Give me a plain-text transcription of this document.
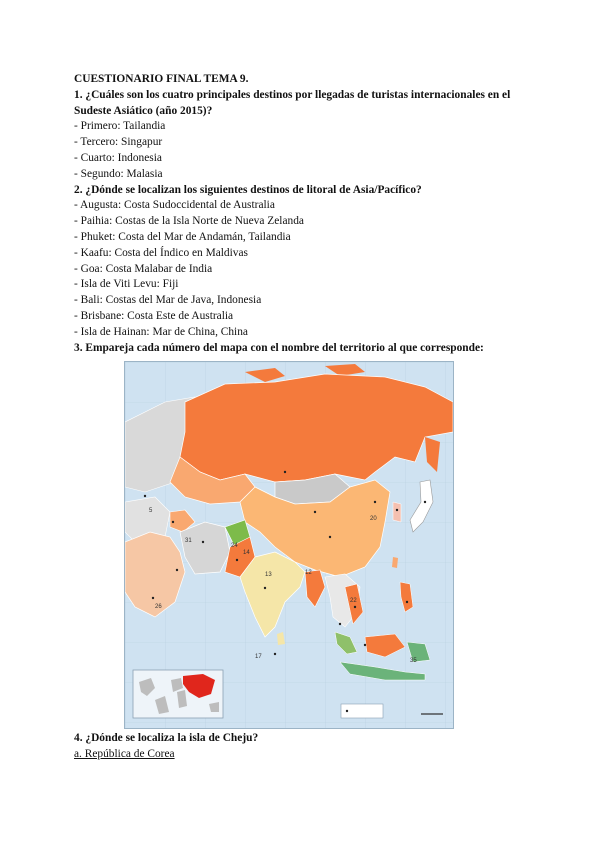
CUESTIONARIO FINAL TEMA 9.
1. ¿Cuáles son los cuatro principales destinos por llegadas de turistas internacionales en el Sudeste Asiático (año 2015)?
- Primero: Tailandia
- Tercero: Singapur
- Cuarto: Indonesia
- Segundo: Malasia
2. ¿Dónde se localizan los siguientes destinos de litoral de Asia/Pacífico?
- Augusta: Costa Sudoccidental de Australia
- Paihia: Costas de la Isla Norte de Nueva Zelanda
- Phuket: Costa del Mar de Andamán, Tailandia
- Kaafu: Costa del Índico en Maldivas
- Goa: Costa Malabar de India
- Isla de Viti Levu: Fiji
- Bali: Costas del Mar de Java, Indonesia
- Brisbane: Costa Este de Australia
- Isla de Hainan: Mar de China, China
3. Empareja cada número del mapa con el nombre del territorio al que corresponde:
5
24
14
13
20
31
12
22
26
17
35
4. ¿Dónde se localiza la isla de Cheju?
a. República de Corea
